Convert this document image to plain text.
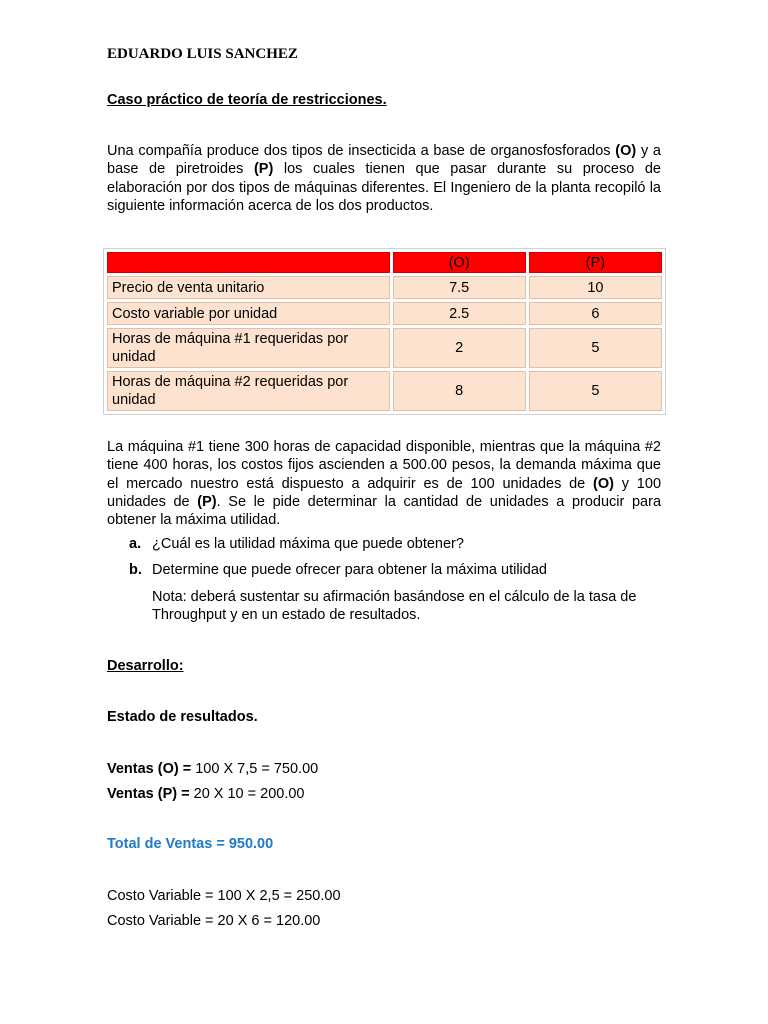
EDUARDO LUIS SANCHEZ
Caso práctico de teoría de restricciones.

Una compañía produce dos tipos de insecticida a base de organosfosforados (O) y a base de piretroides (P) los cuales tienen que pasar durante su proceso de elaboración por dos tipos de máquinas diferentes. El Ingeniero de la planta recopiló la siguiente información acerca de los dos productos.

	(O)	(P)
Precio de venta unitario	7.5	10
Costo variable por unidad	2.5	6
Horas de máquina #1 requeridas por unidad	2	5
Horas de máquina #2 requeridas por unidad	8	5

La máquina #1 tiene 300 horas de capacidad disponible, mientras que la máquina #2 tiene 400 horas, los costos fijos ascienden a 500.00 pesos, la demanda máxima que el mercado nuestro está dispuesto a adquirir es de 100 unidades de (O) y 100 unidades de (P). Se le pide determinar la cantidad de unidades a producir para obtener la máxima utilidad.

a. ¿Cuál es la utilidad máxima que puede obtener?
b. Determine que puede ofrecer para obtener la máxima utilidad

Nota: deberá sustentar su afirmación basándose en el cálculo de la tasa de Throughput y en un estado de resultados.

Desarrollo:
Estado de resultados.
Ventas (O) = 100 X 7,5 = 750.00
Ventas (P) = 20 X 10 = 200.00
Total de Ventas = 950.00
Costo Variable = 100 X 2,5 = 250.00
Costo Variable = 20 X 6 = 120.00
